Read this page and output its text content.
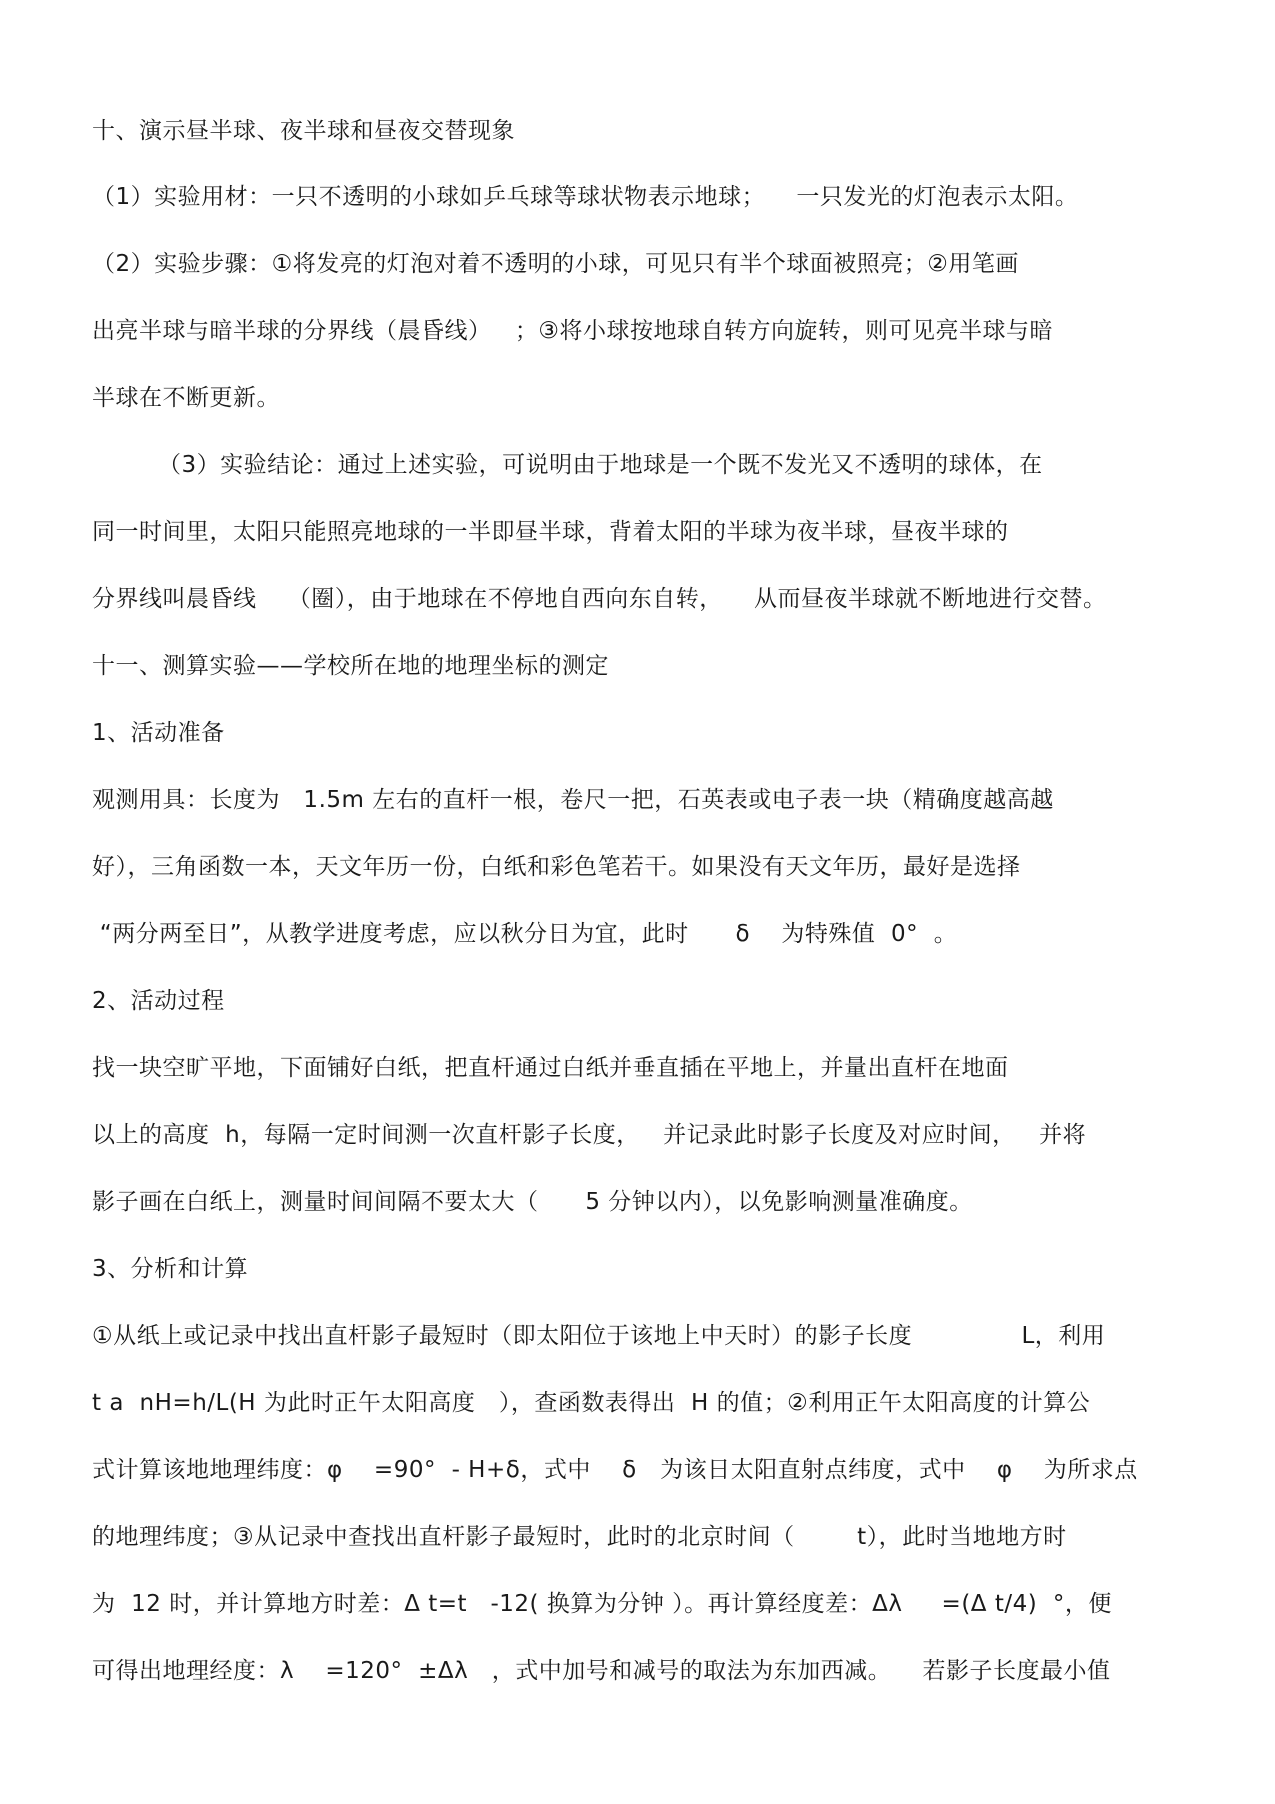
十、演示昼半球、夜半球和昼夜交替现象
（1）实验用材：一只不透明的小球如乒乓球等球状物表示地球；    一只发光的灯泡表示太阳。
（2）实验步骤：①将发亮的灯泡对着不透明的小球，可见只有半个球面被照亮；②用笔画
出亮半球与暗半球的分界线（晨昏线）   ；③将小球按地球自转方向旋转，则可见亮半球与暗
半球在不断更新。
（3）实验结论：通过上述实验，可说明由于地球是一个既不发光又不透明的球体，在
同一时间里，太阳只能照亮地球的一半即昼半球，背着太阳的半球为夜半球，昼夜半球的
分界线叫晨昏线    （圈），由于地球在不停地自西向东自转，    从而昼夜半球就不断地进行交替。
十一、测算实验——学校所在地的地理坐标的测定
1、活动准备
观测用具：长度为   1.5m 左右的直杆一根，卷尺一把，石英表或电子表一块（精确度越高越
好），三角函数一本，天文年历一份，白纸和彩色笔若干。如果没有天文年历，最好是选择
“两分两至日”，从教学进度考虑，应以秋分日为宜，此时      δ    为特殊值  0°  。
2、活动过程
找一块空旷平地，下面铺好白纸，把直杆通过白纸并垂直插在平地上，并量出直杆在地面
以上的高度  h，每隔一定时间测一次直杆影子长度，   并记录此时影子长度及对应时间，   并将
影子画在白纸上，测量时间间隔不要太大（      5 分钟以内），以免影响测量准确度。
3、分析和计算
①从纸上或记录中找出直杆影子最短时（即太阳位于该地上中天时）的影子长度              L，利用
t a  nH=h/L(H 为此时正午太阳高度   ），查函数表得出  H 的值；②利用正午太阳高度的计算公
式计算该地地理纬度：φ    =90°  - H+δ，式中    δ   为该日太阳直射点纬度，式中    φ    为所求点
的地理纬度；③从记录中查找出直杆影子最短时，此时的北京时间（        t），此时当地地方时
为  12 时，并计算地方时差：Δ t=t   -12( 换算为分钟 ）。再计算经度差：Δλ     =(Δ t/4)  °，便
可得出地理经度：λ    =120°  ±Δλ   ，式中加号和减号的取法为东加西减。    若影子长度最小值
